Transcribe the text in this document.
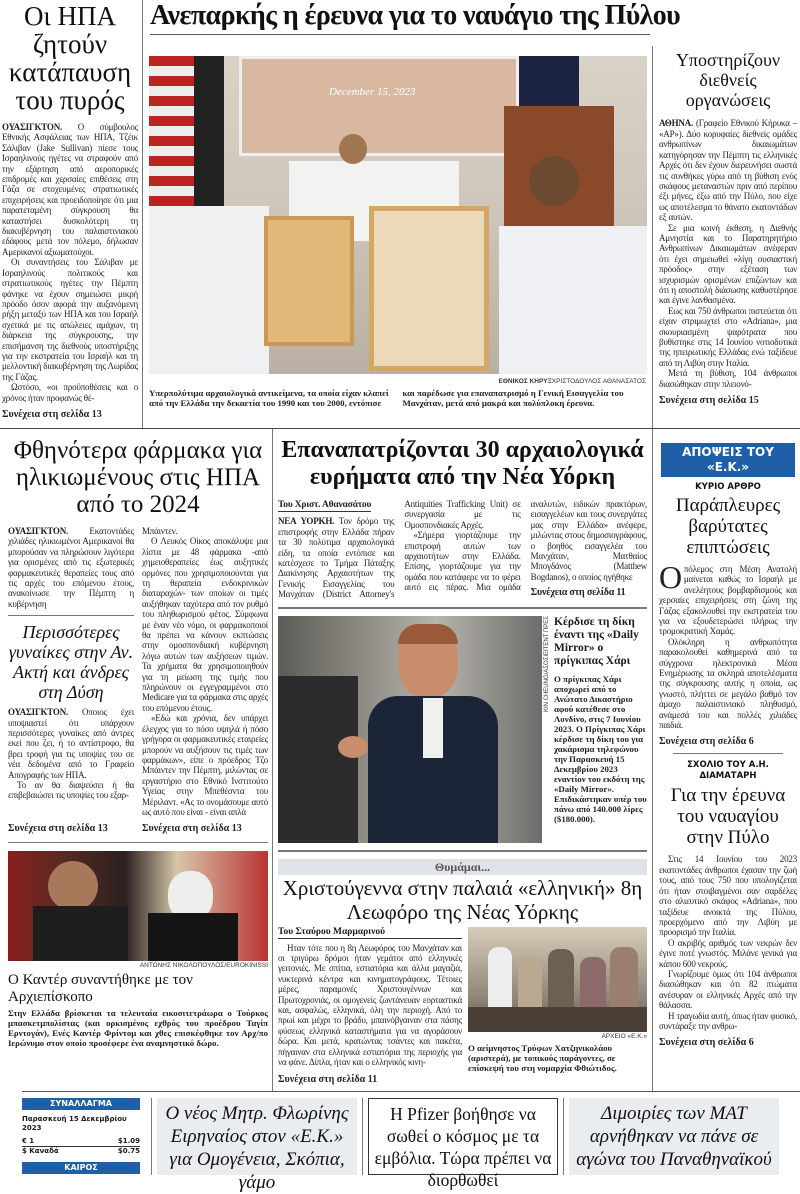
Οι ΗΠΑ ζητούν κατάπαυση του πυρός

ΟΥΑΣΙΓΚΤΟΝ. Ο σύμβουλος Εθνικής Ασφάλειας των ΗΠΑ, Τζέικ Σάλιβαν (Jake Sullivan) πίεσε τους Ισραηλινούς ηγέτες να στραφούν από την εξάρτηση από αεροπορικές επιδρομές και χερσαίες επιθέσεις στη Γάζα σε στοχευμένες στρατιωτικές επιχειρήσεις και προειδοποίησε ότι μια παρατεταμένη σύγκρουση θα καταστήσει δυσκολότερη τη διακυβέρνηση του παλαιστινιακού εδάφους μετά τον πόλεμο, δήλωσαν Αμερικανοί αξιωματούχοι.

Οι συναντήσεις του Σάλιβαν με Ισραηλινούς πολιτικούς και στρατιωτικούς ηγέτες την Πέμπτη φάνηκε να έχουν σημειώσει μικρή πρόοδο όσον αφορά την αυξανόμενη ρήξη μεταξύ των ΗΠΑ και του Ισραήλ σχετικά με τις απώλειες αμάχων, τη διάρκεια της σύγκρουσης, την επισήμανση της διεθνούς υποστήριξης για την εκστρατεία του Ισραήλ και τη μελλοντική διακυβέρνηση της Λωρίδας της Γάζας.

Ωστόσο, «οι προϋποθέσεις και ο χρόνος ήταν προφανώς θέ-

Συνέχεια στη σελίδα 13
Ανεπαρκής η έρευνα για το ναυάγιο της Πύλου
December 15, 2023
ΕΘΝΙΚΟΣ ΚΗΡΥΞΧΡΙΣΤΟΔΟΥΛΟΣ ΑΘΑΝΑΣΑΤΟΣ
Υπερπολύτιμα αρχαιολογικά αντικείμενα, τα οποία είχαν κλαπεί από την Ελλάδα την δεκαετία του 1990 και του 2000, εντόπισε και παρέδωσε για επαναπατρισμό η Γενική Εισαγγελία του Μανχάταν, μετά από μακρά και πολύπλοκη έρευνα.
Υποστηρίζουν διεθνείς οργανώσεις

ΑΘΗΝΑ. (Γραφείο Εθνικού Κήρυκα – «AP»). Δύο κορυφαίες διεθνείς ομάδες ανθρωπίνων δικαιωμάτων κατηγόρησαν την Πέμπτη τις ελληνικές Αρχές ότι δεν έχουν διερευνήσει σωστά τις συνθήκες γύρω από τη βύθιση ενός σκάφους μεταναστών πριν από περίπου έξι μήνες, έξω από την Πύλο, που είχε ως αποτέλεσμα το θάνατο εκατοντάδων εξ αυτών.

Σε μια κοινή έκθεση, η Διεθνής Αμνηστία και το Παρατηρητήριο Ανθρωπίνων Δικαιωμάτων ανέφεραν ότι έχει σημειωθεί «λίγη ουσιαστική πρόοδος» στην εξέταση των ισχυρισμών ορισμένων επιζώντων και ότι η αποστολή διάσωσης καθυστέρησε και έγινε λανθασμένα.

Εως και 750 άνθρωποι πιστεύεται ότι είχαν στριμωχτεί στο «Adriana», μια σκουριασμένη ψαρότρατα που βυθίστηκε στις 14 Ιουνίου νοτιοδυτικά της ηπειρωτικής Ελλάδας ενώ ταξίδευε από τη Λιβύη στην Ιταλία.

Μετά τη βύθιση, 104 άνθρωποι διασώθηκαν στην πλειονό-

Συνέχεια στη σελίδα 15
Φθηνότερα φάρμακα για ηλικιωμένους στις ΗΠΑ από το 2024

ΟΥΑΣΙΓΚΤΟΝ. Εκατοντάδες χιλιάδες ηλικιωμένοι Αμερικανοί θα μπορούσαν να πληρώσουν λιγότερα για ορισμένες από τις εξωτερικές φαρμακευτικές θεραπείες τους από τις αρχές του επόμενου έτους, ανακοίνωσε την Πέμπτη η κυβέρνηση

Περισσότερες γυναίκες στην Αν. Ακτή και άνδρες στη Δύση

ΟΥΑΣΙΓΚΤΟΝ. Οποιος έχει υποψιαστεί ότι υπάρχουν περισσότερες γυναίκες από άντρες εκεί που ζει, ή το αντίστροφο, θα βρει τροφή για τις υποψίες του σε νέα δεδομένα από το Γραφείο Απογραφής των ΗΠΑ.

Το αν θα διαψεύσει ή θα επιβεβαιώσει τις υποψίες του εξαρ-

Συνέχεια στη σελίδα 13

Μπάιντεν.

Ο Λευκός Οίκος αποκάλυψε μια λίστα με 48 φάρμακα -από χημειοθεραπείες έως αυξητικές ορμόνες που χρησιμοποιούνται για τη θεραπεία ενδοκρινικών διαταραχών- των οποίων οι τιμές αυξήθηκαν ταχύτερα από τον ρυθμό του πληθωρισμού φέτος. Σύμφωνα με έναν νέο νόμο, οι φαρμακοποιοί θα πρέπει να κάνουν εκπτώσεις στην ομοσπονδιακή κυβέρνηση λόγω αυτών των αυξήσεων τιμών. Τα χρήματα θα χρησιμοποιηθούν για τη μείωση της τιμής που πληρώνουν οι εγγεγραμμένοι στο Medicare για τα φάρμακα στις αρχές του επόμενου έτους.

«Εδώ και χρόνια, δεν υπάρχει έλεγχος για το πόσο υψηλά ή πόσο γρήγορα οι φαρμακευτικές εταιρείες μπορούν να αυξήσουν τις τιμές των φαρμάκων», είπε ο πρόεδρος Τζο Μπάιντεν την Πέμπτη, μιλώντας σε εργαστήριο στο Εθνικό Ινστιτούτο Υγείας στην Μπεθέσντα του Μέριλαντ. «Ας το ονομάσουμε αυτό ως αυτό που είναι - είναι απλά

Συνέχεια στη σελίδα 13
ΑΝΤΩΝΗΣ ΝΙΚΟΛΟΠΟΥΛΟΣ/EUROKINISSI
Ο Καντέρ συναντήθηκε με τον Αρχιεπίσκοπο
Στην Ελλάδα βρίσκεται τα τελευταία εικοσιτετράωρα ο Τούρκος μπασκετμπολίστας (και ορκισμένος εχθρός του προέδρου Ταγίπ Ερντογάν), Ενές Καντέρ Φρίντομ και χθες επισκέφθηκε τον Αρχ/πο Ιερώνυμο στον οποίο προσέφερε ένα αναμνηστικό δώρο.
Επαναπατρίζονται 30 αρχαιολογικά ευρήματα από την Νέα Υόρκη
Του Χριστ. Αθανασάτου

ΝΕΑ ΥΟΡΚΗ. Τον δρόμο της επιστροφής στην Ελλάδα πήραν τα 30 πολύτιμα αρχαιολογικά είδη, τα οποία εντόπισε και κατέσχεσε το Τμήμα Πάταξης Διακίνησης Αρχαιοτήτων της Γενικής Εισαγγελίας του Μανχάταν (District Attorney's Antiquities Trafficking Unit) σε συνεργασία με τις Ομοσπονδιακές Αρχές.

«Σήμερα γιορτάζουμε την επιστροφή αυτών των αρχαιοτήτων στην Ελλάδα. Επίσης, γιορτάζουμε για την ομάδα που κατάφερε να το φέρει αυτό εις πέρας. Μια ομάδα αναλυτών, ειδικών πρακτόρων, εισαγγελέων και τους συνεργάτες μας στην Ελλάδα» ανέφερε, μιλώντας στους δημοσιογράφους, ο βοηθός εισαγγελέα του Μανχάταν, Ματθαίος Μπογδάνος (Matthew Bogdanos), ο οποίος ηγήθηκε

Συνέχεια στη σελίδα 11
ΚΙΝ CHEUNG/ΑΣΟΣΙΕΪΤΕΝΤ ΠΡΕΣ Κέρδισε τη δίκη έναντι της «Daily Mirror» ο πρίγκιπας Χάρι
Ο πρίγκιπας Χάρι αποχωρεί από το Ανώτατο Δικαστήριο αφού κατέθεσε στο Λονδίνο, στις 7 Ιουνίου 2023. Ο Πρίγκιπας Χάρι κέρδισε τη δίκη του για χακάρισμα τηλεφώνου την Παρασκευή 15 Δεκεμβρίου 2023 εναντίον του εκδότη της «Daily Mirror». Επιδικάστηκαν υπέρ του πάνω από 140.000 λίρες ($180.000).
Θυμάμαι...
Χριστούγεννα στην παλαιά «ελληνική» 8η Λεωφόρο της Νέας Υόρκης
Του Σταύρου Μαρμαρινού
Ηταν τότε που η 8η Λεωφόρος του Μανχάταν και οι τριγύρω δρόμοι ήταν γεμάτοι από ελληνικές γειτονιές. Με σπίτια, εστιατόρια και άλλα μαγαζιά, νυκτερινά κέντρα και κινηματογράφους. Τέτοιες μέρες, παραμονές Χριστουγέννων και Πρωτοχρονιάς, οι ομογενείς ζωντάνευαν εορταστικά και, ασφαλώς, ελληνικά, όλη την περιοχή. Από το πρωί και μέχρι το βράδυ, μπαινόβγαιναν στα πάσης φύσεως ελληνικά καταστήματα για να αγοράσουν δώρα. Και μετά, κρατώντας τσάντες και πακέτα, πήγαιναν στα ελληνικά εστιατόρια της περιοχής για να φάνε. Δίπλα, ήταν και ο ελληνικός κινη-
Συνέχεια στη σελίδα 11
ΑΡΧΕΙΟ «Ε.Κ.»
Ο αείμνηστος Τρύφων Χατζηνικολάου (αριστερά), με τοπικούς παράγοντες, σε επίσκεψή του στη νομαρχία Φθιώτιδος.
ΑΠΟΨΕΙΣ ΤΟΥ «Ε.Κ.»
ΚΥΡΙΟ ΑΡΘΡΟ
Παράπλευρες βαρύτατες επιπτώσεις

Οπόλεμος στη Μέση Ανατολή μαίνεται καθώς το Ισραήλ με ανελέητους βομβαρδισμούς και χερσαίες επιχειρήσεις στη ζώνη της Γάζας εξακολουθεί την εκστρατεία του για να εξουδετερώσει πλήρως την τρομοκρατική Χαμάς.

Ολόκληρη η ανθρωπότητα παρακολουθεί καθημερινά από τα σύγχρονα ηλεκτρονικά Μέσα Ενημέρωσης τα σκληρά αποτελέσματα της σύγκρουσης αυτής η οποία, ως γνωστό, πλήττει σε μεγάλο βαθμό τον άμαχο παλαιστινιακό πληθυσμό, ανάμεσά του και πολλές χιλιάδες παιδιά.

Συνέχεια στη σελίδα 6
ΣΧΟΛΙΟ ΤΟΥ Α.Η. ΔΙΑΜΑΤΑΡΗ
Για την έρευνα του ναυαγίου στην Πύλο

Στις 14 Ιουνίου του 2023 εκατοντάδες άνθρωποι έχασαν την ζωή τους, από τους 750 που υπολογίζεται ότι ήταν στοιβαγμένοι σαν σαρδέλες στο αλιευτικό σκάφος «Adriana», που ταξίδευε ανοικτά της Πύλου, προερχόμενο από την Λιβύη με προορισμό την Ιταλία.

Ο ακριβής αριθμός των νεκρών δεν έγινε ποτέ γνωστός. Μιλάνε γενικά για κάπου 600 νεκρούς.

Γνωρίζουμε όμως ότι 104 άνθρωποι διασώθηκαν και ότι 82 πτώματα ανέσυραν οι ελληνικές Αρχές από την θάλασσα.

Η τραγωδία αυτή, όπως ήταν φυσικό, συντάραξε την ανθρω-

Συνέχεια στη σελίδα 6
ΣΥΝΑΛΛΑΓΜΑ
Παρασκευή 15 Δεκεμβρίου 2023
€ 1	$1.09
$ Καναδά	$0.75
ΚΑΙΡΟΣ
Ο νέος Μητρ. Φλωρίνης Ειρηναίος στον «Ε.Κ.» για Ομογένεια, Σκόπια, γάμο
Η Pfizer βοήθησε να σωθεί ο κόσμος με τα εμβόλια. Τώρα πρέπει να διορθωθεί
Διμοιρίες των ΜΑΤ αρνήθηκαν να πάνε σε αγώνα του Παναθηναϊκού
